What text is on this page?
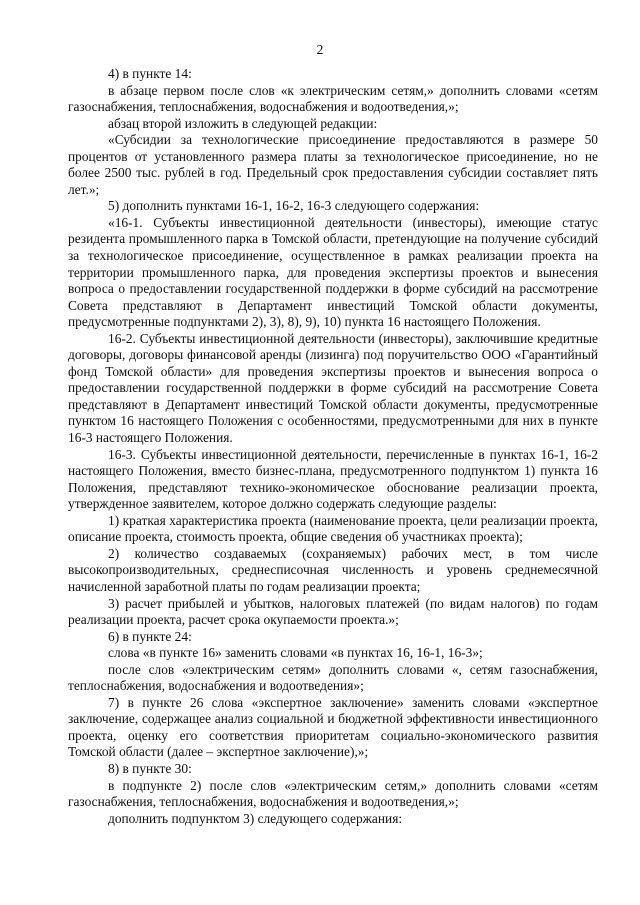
2

4) в пункте 14:

в абзаце первом после слов «к электрическим сетям,» дополнить словами «сетям газоснабжения, теплоснабжения, водоснабжения и водоотведения,»;

абзац второй изложить в следующей редакции:

«Субсидии за технологические присоединение предоставляются в размере 50 процентов от установленного размера платы за технологическое присоединение, но не более 2500 тыс. рублей в год. Предельный срок предоставления субсидии составляет пять лет.»;

5) дополнить пунктами 16-1, 16-2, 16-3 следующего содержания:

«16-1. Субъекты инвестиционной деятельности (инвесторы), имеющие статус резидента промышленного парка в Томской области, претендующие на получение субсидий за технологическое присоединение, осуществленное в рамках реализации проекта на территории промышленного парка, для проведения экспертизы проектов и вынесения вопроса о предоставлении государственной поддержки в форме субсидий на рассмотрение Совета представляют в Департамент инвестиций Томской области документы, предусмотренные подпунктами 2), 3), 8), 9), 10) пункта 16 настоящего Положения.

16-2. Субъекты инвестиционной деятельности (инвесторы), заключившие кредитные договоры, договоры финансовой аренды (лизинга) под поручительство ООО «Гарантийный фонд Томской области» для проведения экспертизы проектов и вынесения вопроса о предоставлении государственной поддержки в форме субсидий на рассмотрение Совета представляют в Департамент инвестиций Томской области документы, предусмотренные пунктом 16 настоящего Положения с особенностями, предусмотренными для них в пункте 16-3 настоящего Положения.

16-3. Субъекты инвестиционной деятельности, перечисленные в пунктах 16-1, 16-2 настоящего Положения, вместо бизнес-плана, предусмотренного подпунктом 1) пункта 16 Положения, представляют технико-экономическое обоснование реализации проекта, утвержденное заявителем, которое должно содержать следующие разделы:

1) краткая характеристика проекта (наименование проекта, цели реализации проекта, описание проекта, стоимость проекта, общие сведения об участниках проекта);

2) количество создаваемых (сохраняемых) рабочих мест, в том числе высокопроизводительных, среднесписочная численность и уровень среднемесячной начисленной заработной платы по годам реализации проекта;

3) расчет прибылей и убытков, налоговых платежей (по видам налогов) по годам реализации проекта, расчет срока окупаемости проекта.»;

6) в пункте 24:

слова «в пункте 16» заменить словами «в пунктах 16, 16-1, 16-3»;

после слов «электрическим сетям» дополнить словами «, сетям газоснабжения, теплоснабжения, водоснабжения и водоотведения»;

7) в пункте 26 слова «экспертное заключение» заменить словами «экспертное заключение, содержащее анализ социальной и бюджетной эффективности инвестиционного проекта, оценку его соответствия приоритетам социально-экономического развития Томской области (далее – экспертное заключение),»;

8) в пункте 30:

в подпункте 2) после слов «электрическим сетям,» дополнить словами «сетям газоснабжения, теплоснабжения, водоснабжения и водоотведения,»;

дополнить подпунктом 3) следующего содержания:
